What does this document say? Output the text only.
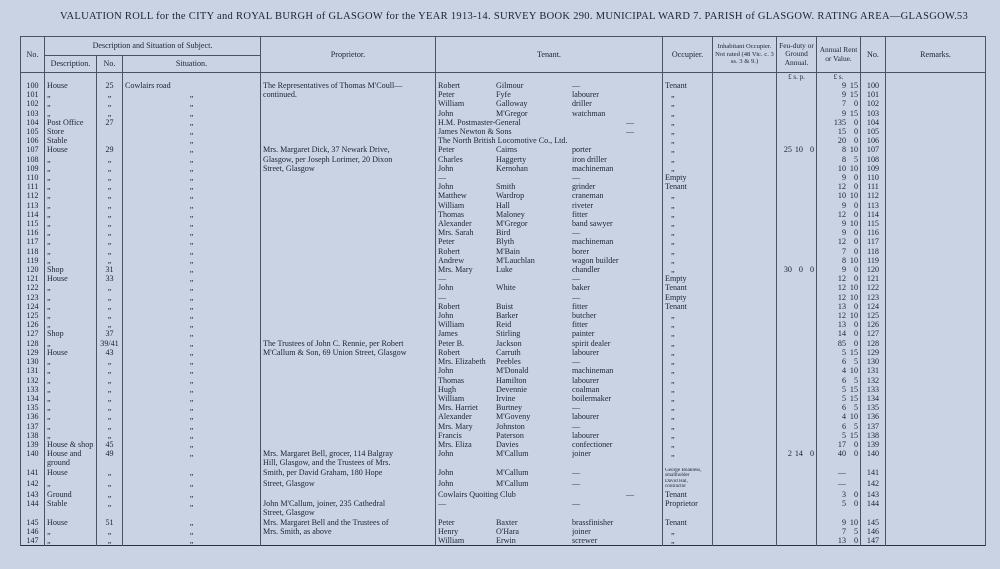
VALUATION ROLL for the CITY and ROYAL BURGH of GLASGOW for the YEAR 1913-14. SURVEY BOOK 290. MUNICIPAL WARD 7. PARISH of GLASGOW. RATING AREA—GLASGOW. 53
No.	Description and Situation of Subject.			Proprietor.	Tenant.	Occupier.	Inhabitant Occupier. Not rated (48 Vic. c. 3 ss. 3 & 9.)	Feu-duty or Ground Annual.	Annual Rent or Value.	No.	Remarks.
	Description.	No.	Situation.								
								£ s. p.	£ s.		
100	House	25	Cowlairs road	The Representatives of Thomas M'Coull—	Robert Gilmour —	Tenant			9 15	100	
101	„	„	„	continued.	Peter Fyfe labourer	„			9 15	101	
102	„	„	„		William Galloway driller	„			7 0	102	
103	„	„	„		John M'Gregor watchman	„			9 15	103	
104	Post Office	27	„		H.M. Postmaster-General —	„			135 0	104	
105	Store		„		James Newton & Sons —	„			15 0	105	
106	Stable		„		The North British Locomotive Co., Ltd.	„			20 0	106	
107	House	29	„	Mrs. Margaret Dick, 37 Newark Drive,	Peter Cairns porter	„		25 10 0	8 10	107	
108	„	„	„	Glasgow, per Joseph Lorimer, 20 Dixon	Charles Haggerty iron driller	„			8 5	108	
109	„	„	„	Street, Glasgow	John Kernohan machineman	„			10 10	109	
110	„	„	„		— —	Empty			9 0	110	
111	„	„	„		John Smith grinder	Tenant			12 0	111	
112	„	„	„		Matthew Wardrop craneman	„			10 10	112	
113	„	„	„		William Hall riveter	„			9 0	113	
114	„	„	„		Thomas Maloney fitter	„			12 0	114	
115	„	„	„		Alexander M'Gregor band sawyer	„			9 10	115	
116	„	„	„		Mrs. Sarah Bird —	„			9 0	116	
117	„	„	„		Peter Blyth machineman	„			12 0	117	
118	„	„	„		Robert M'Bain borer	„			7 0	118	
119	„	„	„		Andrew M'Lauchlan wagon builder	„			8 10	119	
120	Shop	31	„		Mrs. Mary Luke chandler	„		30 0 0	9 0	120	
121	House	33	„		— —	Empty			12 0	121	
122	„	„	„		John White baker	Tenant			12 10	122	
123	„	„	„		— —	Empty			12 10	123	
124	„	„	„		Robert Buist fitter	Tenant			13 0	124	
125	„	„	„		John Barker butcher	„			12 10	125	
126	„	„	„		William Reid fitter	„			13 0	126	
127	Shop	37	„		James Stirling painter	„			14 0	127	
128	„	39/41	„	The Trustees of John C. Rennie, per Robert	Peter B. Jackson spirit dealer	„			85 0	128	
129	House	43	„	M'Callum & Son, 69 Union Street, Glasgow	Robert Carruth labourer	„			5 15	129	
130	„	„	„		Mrs. Elizabeth Peebles —	„			6 5	130	
131	„	„	„		John M'Donald machineman	„			4 10	131	
132	„	„	„		Thomas Hamilton labourer	„			6 5	132	
133	„	„	„		Hugh Devennie coalman	„			5 15	133	
134	„	„	„		William Irvine boilermaker	„			5 15	134	
135	„	„	„		Mrs. Harriet Burtney —	„			6 5	135	
136	„	„	„		Alexander M'Goveny labourer	„			4 10	136	
137	„	„	„		Mrs. Mary Johnston —	„			6 5	137	
138	„	„	„		Francis Paterson labourer	„			5 15	138	
139	House & shop	45	„		Mrs. Eliza Davies confectioner	„			17 0	139	
140	House and	49	„	Mrs. Margaret Bell, grocer, 114 Balgray	John M'Callum joiner	„		2 14 0	40 0	140	
	ground			Hill, Glasgow, and the Trustees of Mrs.	

141	House	„	„	Smith, per David Graham, 180 Hope	John M'Callum —	George Boakless, smallholder			—	141	
142	„	„	„	Street, Glasgow	John M'Callum —	David Hal, contractor			—	142	
143	Ground	„	„		Cowlairs Quoiting Club —	Tenant			3 0	143	
144	Stable	„	„	John M'Callum, joiner, 235 Cathedral	— —	Proprietor			5 0	144	
				Street, Glasgow	

145	House	51	„	Mrs. Margaret Bell and the Trustees of	Peter Baxter brassfinisher	Tenant			9 10	145	
146	„	„	„	Mrs. Smith, as above	Henry O'Hara joiner	„			7 5	146	
147	„	„	„		William Erwin screwer	„			13 0	147	
